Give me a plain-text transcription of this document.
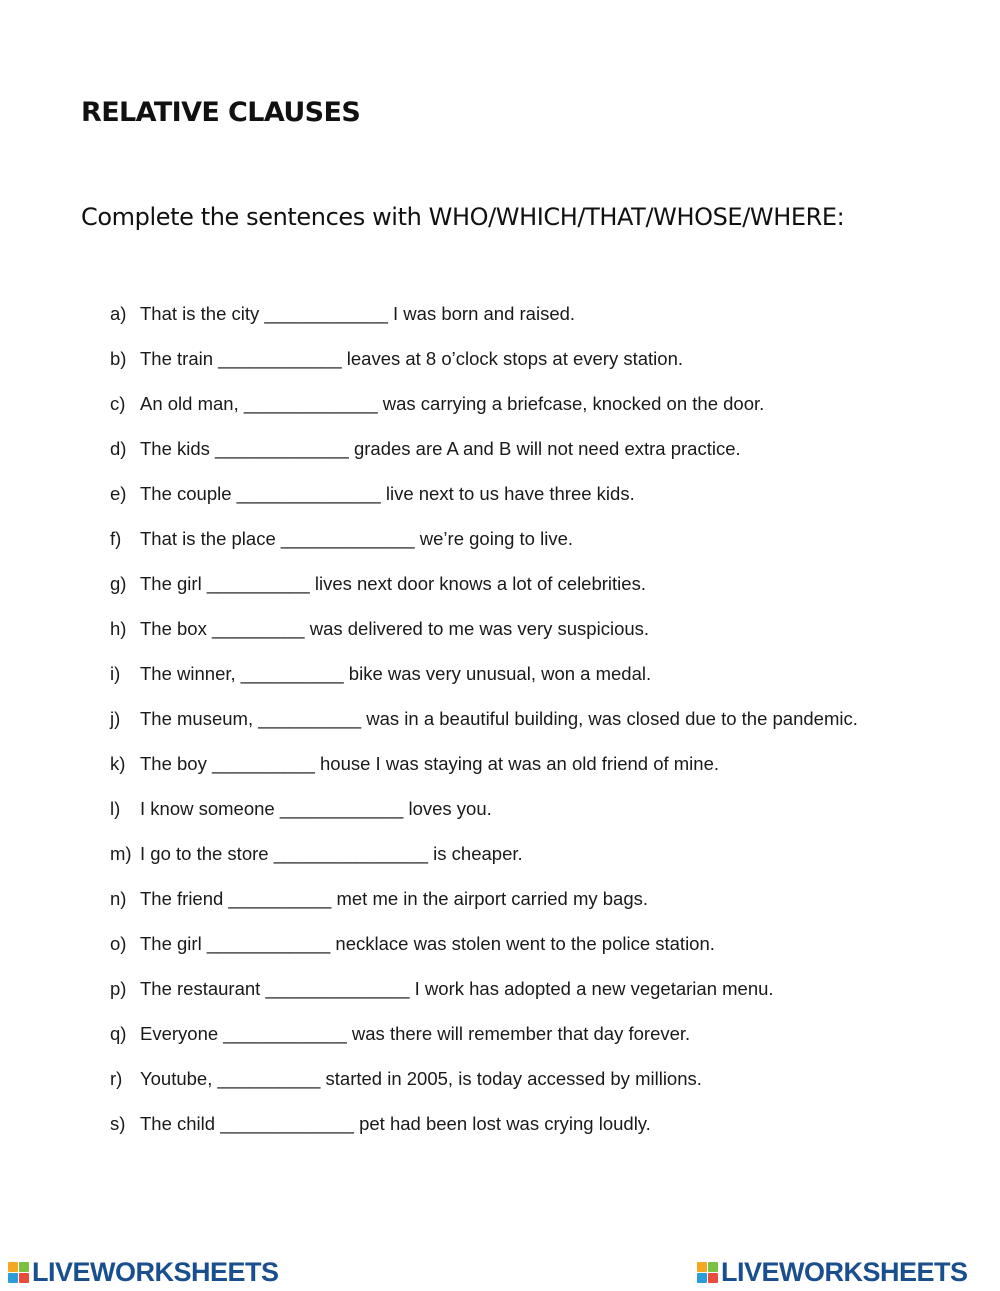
RELATIVE CLAUSES
Complete the sentences with WHO/WHICH/THAT/WHOSE/WHERE:
a) That is the city ____________ I was born and raised.
b) The train ____________ leaves at 8 o’clock stops at every station.
c) An old man, _____________ was carrying a briefcase, knocked on the door.
d) The kids _____________ grades are A and B will not need extra practice.
e) The couple ______________ live next to us have three kids.
f)	That is the place _____________ we’re going to live.
g) The girl __________ lives next door knows a lot of celebrities.
h) The box _________ was delivered to me was very suspicious.
i)	The winner, __________ bike was very unusual, won a medal.
j)	The museum, __________ was in a beautiful building, was closed due to the pandemic.
k) The boy __________ house I was staying at was an old friend of mine.
l)	I know someone ____________ loves you.
m) I go to the store _______________ is cheaper.
n) The friend __________ met me in the airport carried my bags.
o) The girl ____________ necklace was stolen went to the police station.
p) The restaurant ______________ I work has adopted a new vegetarian menu.
q) Everyone ____________ was there will remember that day forever.
r) Youtube, __________ started in 2005, is today accessed by millions.
s) The child _____________ pet had been lost was crying loudly.
LIVEWORKSHEETS	LIVEWORKSHEETS
